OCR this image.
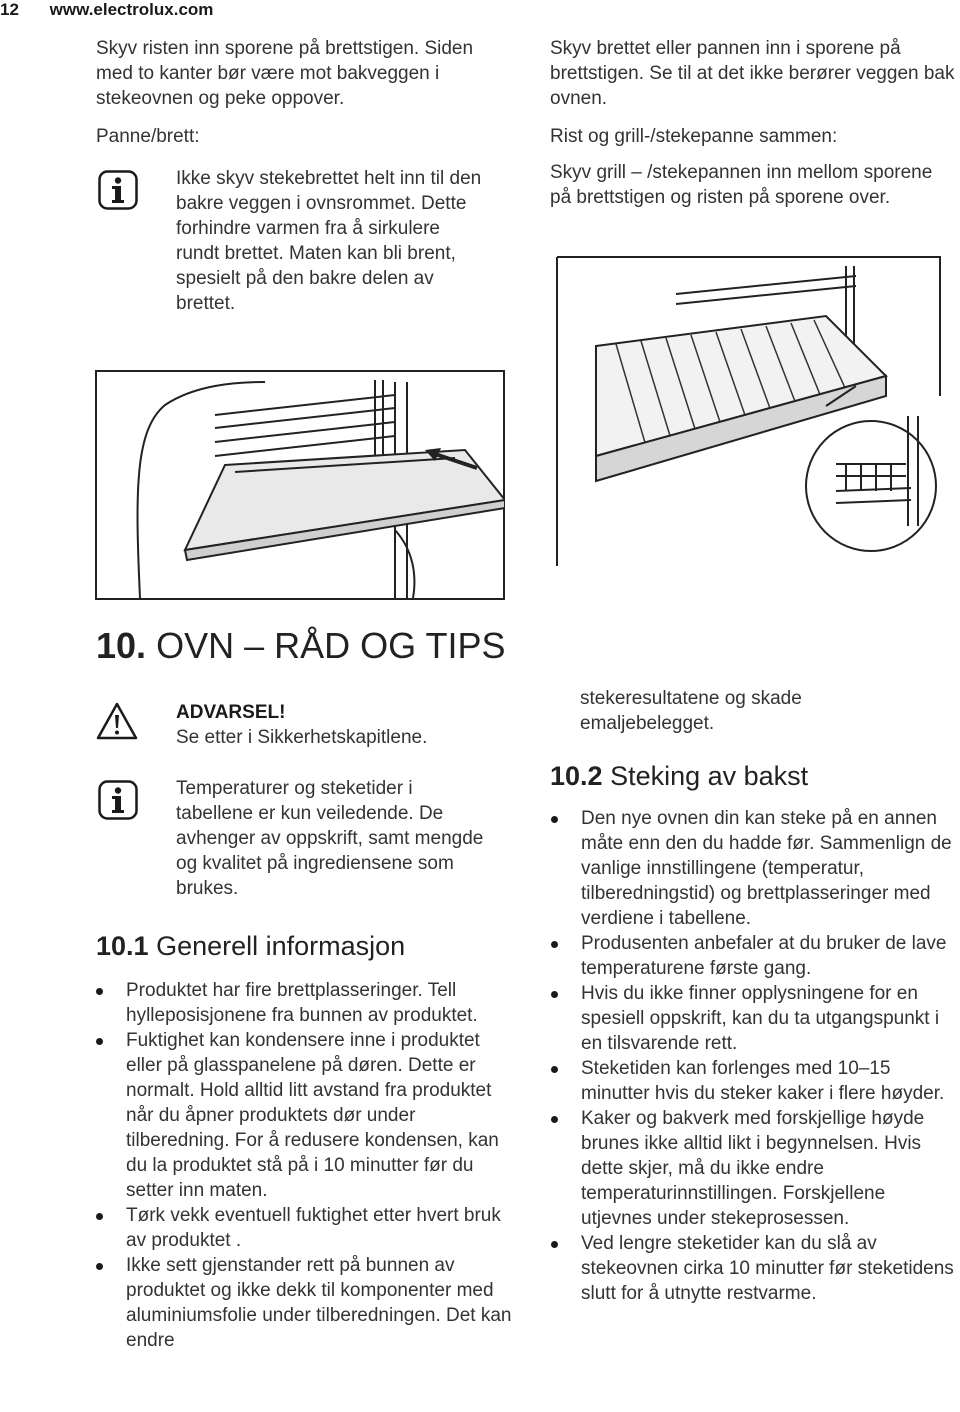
12 www.electrolux.com

Skyv risten inn sporene på brettstigen. Siden med to kanter bør være mot bakveggen i stekeovnen og peke oppover.

Panne/brett:

Ikke skyv stekebrettet helt inn til den bakre veggen i ovnsrommet. Dette forhindre varmen fra å sirkulere rundt brettet. Maten kan bli brent, spesielt på den bakre delen av brettet.

Skyv brettet eller pannen inn i sporene på brettstigen. Se til at det ikke berører veggen bak ovnen.

Rist og grill-/stekepanne sammen:

Skyv grill – /stekepannen inn mellom sporene på brettstigen og risten på sporene over.

10. OVN – RÅD OG TIPS

ADVARSEL!

Se etter i Sikkerhetskapitlene.

Temperaturer og steketider i tabellene er kun veiledende. De avhenger av oppskrift, samt mengde og kvalitet på ingrediensene som brukes.

10.1 Generell informasjon
Produktet har fire brettplasseringer. Tell hylleposisjonene fra bunnen av produktet.
Fuktighet kan kondensere inne i produktet eller på glasspanelene på døren. Dette er normalt. Hold alltid litt avstand fra produktet når du åpner produktets dør under tilberedning. For å redusere kondensen, kan du la produktet stå på i 10 minutter før du setter inn maten.
Tørk vekk eventuell fuktighet etter hvert bruk av produktet .
Ikke sett gjenstander rett på bunnen av produktet og ikke dekk til komponenter med aluminiumsfolie under tilberedningen. Det kan endre

stekeresultatene og skade emaljebelegget.

10.2 Steking av bakst
Den nye ovnen din kan steke på en annen måte enn den du hadde før. Sammenlign de vanlige innstillingene (temperatur, tilberedningstid) og brettplasseringer med verdiene i tabellene.
Produsenten anbefaler at du bruker de lave temperaturene første gang.
Hvis du ikke finner opplysningene for en spesiell oppskrift, kan du ta utgangspunkt i en tilsvarende rett.
Steketiden kan forlenges med 10–15 minutter hvis du steker kaker i flere høyder.
Kaker og bakverk med forskjellige høyde brunes ikke alltid likt i begynnelsen. Hvis dette skjer, må du ikke endre temperaturinnstillingen. Forskjellene utjevnes under stekeprosessen.
Ved lengre steketider kan du slå av stekeovnen cirka 10 minutter før steketidens slutt for å utnytte restvarme.
